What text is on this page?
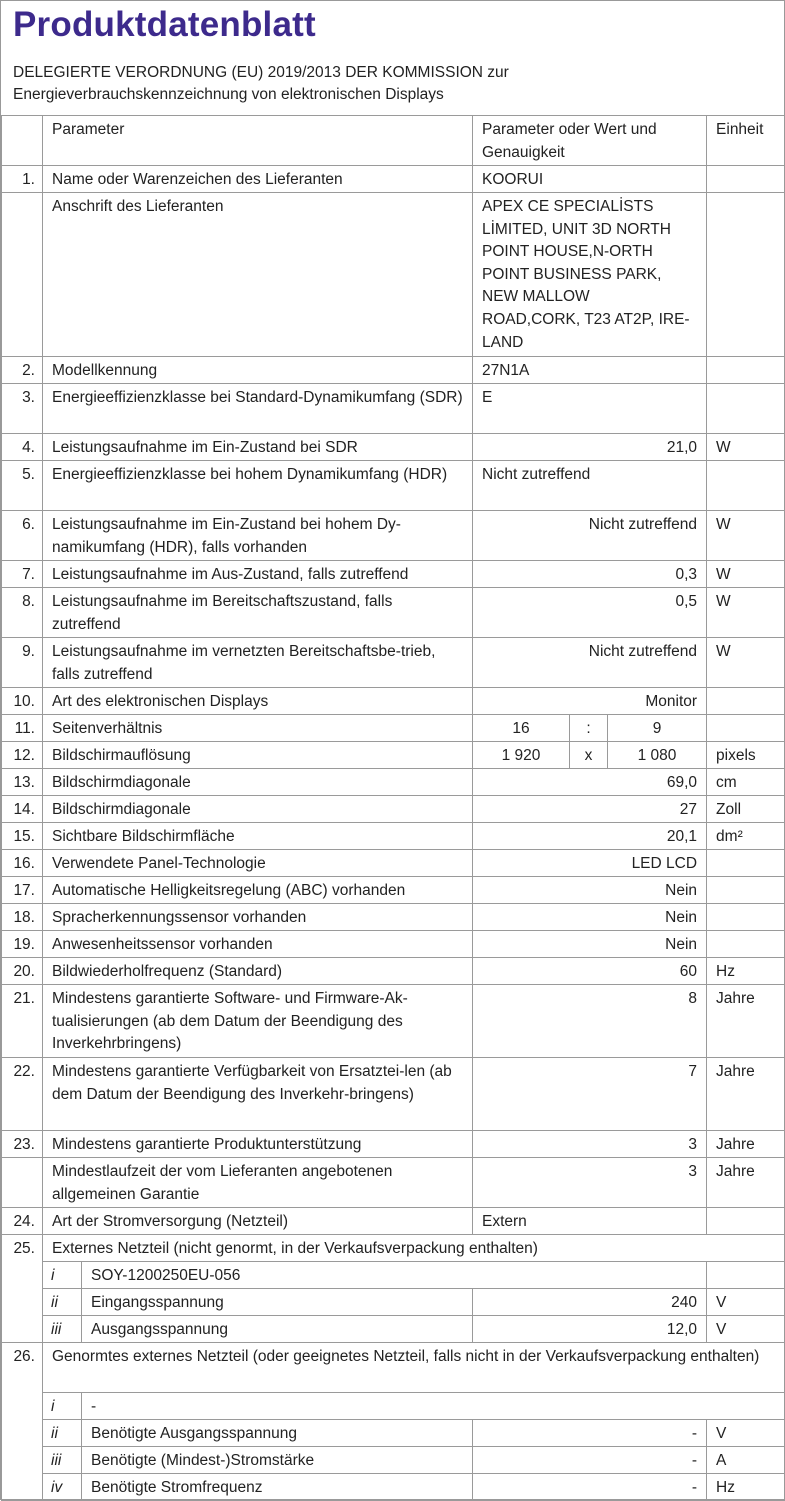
Produktdatenblatt
DELEGIERTE VERORDNUNG (EU) 2019/2013 DER KOMMISSION zur
Energieverbrauchskennzeichnung von elektronischen Displays
	Parameter		Parameter oder Wert und Genauigkeit			Einheit
1.	Name oder Warenzeichen des Lieferanten		KOORUI			
	Anschrift des Lieferanten		APEX CE SPECIALİSTS LİMITED, UNIT 3D NORTH POINT HOUSE,N-ORTH POINT BUSINESS PARK, NEW MALLOW ROAD,CORK, T23 AT2P, IRE-LAND			
2.	Modellkennung		27N1A			
3.	Energieeffizienzklasse bei Standard-Dynamikumfang (SDR)		E			
4.	Leistungsaufnahme im Ein-Zustand bei SDR		21,0			W
5.	Energieeffizienzklasse bei hohem Dynamikumfang (HDR)		Nicht zutreffend			
6.	Leistungsaufnahme im Ein-Zustand bei hohem Dy-namikumfang (HDR), falls vorhanden		Nicht zutreffend			W
7.	Leistungsaufnahme im Aus-Zustand, falls zutreffend		0,3			W
8.	Leistungsaufnahme im Bereitschaftszustand, falls zutreffend		0,5			W
9.	Leistungsaufnahme im vernetzten Bereitschaftsbe-trieb, falls zutreffend		Nicht zutreffend			W
10.	Art des elektronischen Displays		Monitor			
11.	Seitenverhältnis		16	:	9	
12.	Bildschirmauflösung		1 920	x	1 080	pixels
13.	Bildschirmdiagonale		69,0			cm
14.	Bildschirmdiagonale		27			Zoll
15.	Sichtbare Bildschirmfläche		20,1			dm²
16.	Verwendete Panel-Technologie		LED LCD			
17.	Automatische Helligkeitsregelung (ABC) vorhanden		Nein			
18.	Spracherkennungssensor vorhanden		Nein			
19.	Anwesenheitssensor vorhanden		Nein			
20.	Bildwiederholfrequenz (Standard)		60			Hz
21.	Mindestens garantierte Software- und Firmware-Ak-tualisierungen (ab dem Datum der Beendigung des Inverkehrbringens)		8			Jahre
22.	Mindestens garantierte Verfügbarkeit von Ersatztei-len (ab dem Datum der Beendigung des Inverkehr-bringens)		7			Jahre
23.	Mindestens garantierte Produktunterstützung		3			Jahre
	Mindestlaufzeit der vom Lieferanten angebotenen allgemeinen Garantie		3			Jahre
24.	Art der Stromversorgung (Netzteil)		Extern			
25.	Externes Netzteil (nicht genormt, in der Verkaufsverpackung enthalten)					
	i	SOY-1200250EU-056				
	ii	Eingangsspannung	240			V
	iii	Ausgangsspannung	12,0			V
26.	Genormtes externes Netzteil (oder geeignetes Netzteil, falls nicht in der Verkaufsverpackung enthalten)					
	i	-				
	ii	Benötigte Ausgangsspannung	-			V
	iii	Benötigte (Mindest-)Stromstärke	-			A
	iv	Benötigte Stromfrequenz	-			Hz
